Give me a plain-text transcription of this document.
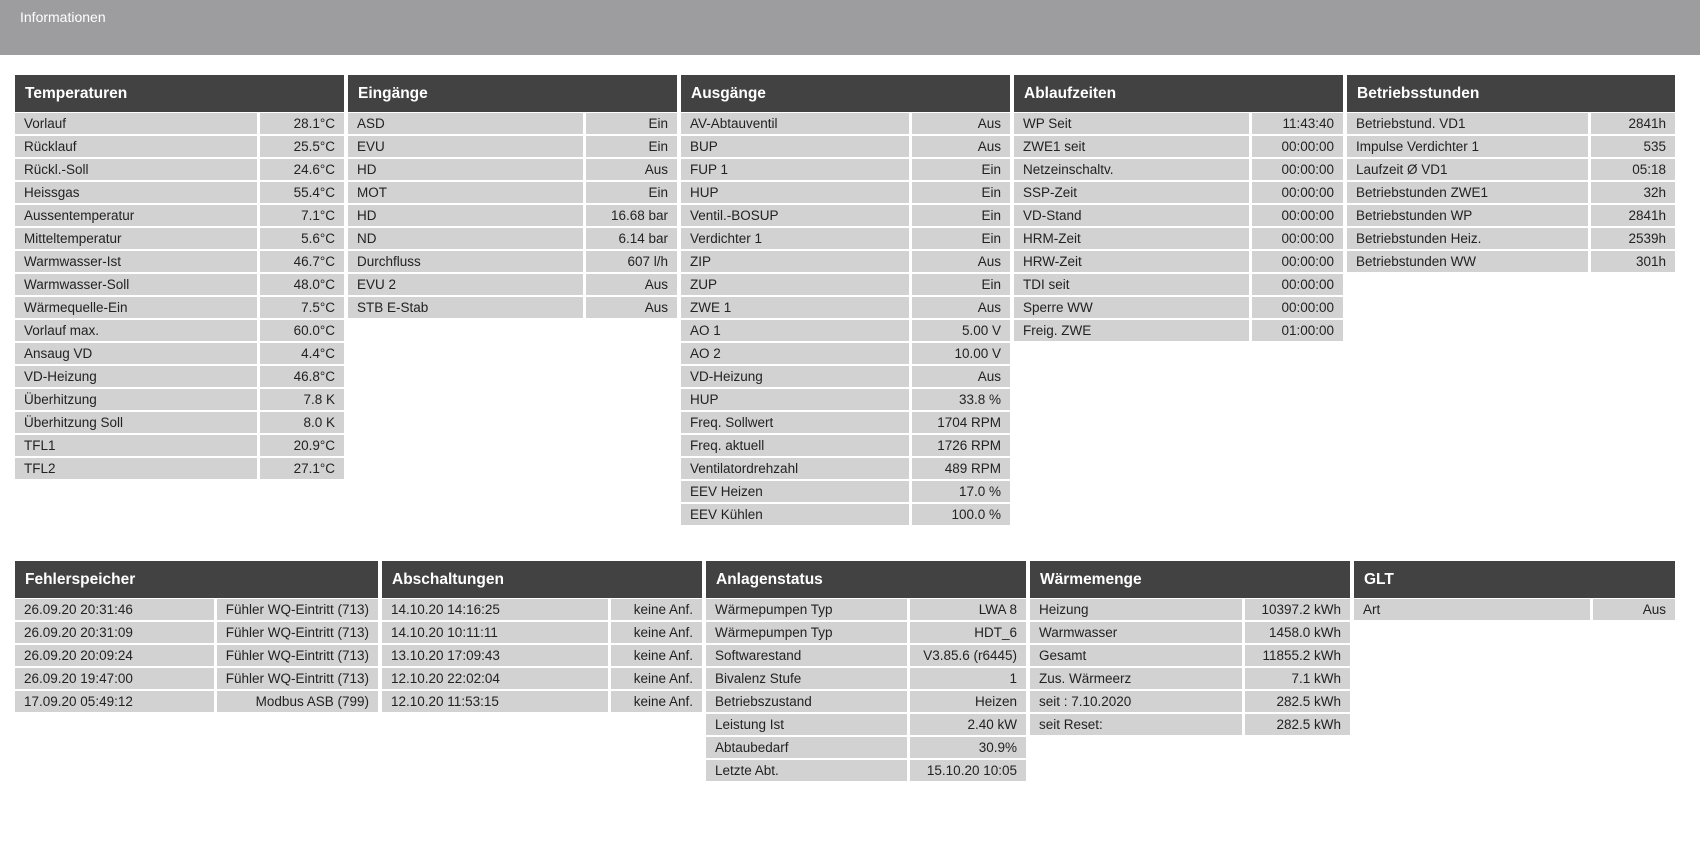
Informationen
Temperaturen
Vorlauf	28.1°C
Rücklauf	25.5°C
Rückl.-Soll	24.6°C
Heissgas	55.4°C
Aussentemperatur	7.1°C
Mitteltemperatur	5.6°C
Warmwasser-Ist	46.7°C
Warmwasser-Soll	48.0°C
Wärmequelle-Ein	7.5°C
Vorlauf max.	60.0°C
Ansaug VD	4.4°C
VD-Heizung	46.8°C
Überhitzung	7.8 K
Überhitzung Soll	8.0 K
TFL1	20.9°C
TFL2	27.1°C
Eingänge
ASD	Ein
EVU	Ein
HD	Aus
MOT	Ein
HD	16.68 bar
ND	6.14 bar
Durchfluss	607 l/h
EVU 2	Aus
STB E-Stab	Aus
Ausgänge
AV-Abtauventil	Aus
BUP	Aus
FUP 1	Ein
HUP	Ein
Ventil.-BOSUP	Ein
Verdichter 1	Ein
ZIP	Aus
ZUP	Ein
ZWE 1	Aus
AO 1	5.00 V
AO 2	10.00 V
VD-Heizung	Aus
HUP	33.8 %
Freq. Sollwert	1704 RPM
Freq. aktuell	1726 RPM
Ventilatordrehzahl	489 RPM
EEV Heizen	17.0 %
EEV Kühlen	100.0 %
Ablaufzeiten
WP Seit	11:43:40
ZWE1 seit	00:00:00
Netzeinschaltv.	00:00:00
SSP-Zeit	00:00:00
VD-Stand	00:00:00
HRM-Zeit	00:00:00
HRW-Zeit	00:00:00
TDI seit	00:00:00
Sperre WW	00:00:00
Freig. ZWE	01:00:00
Betriebsstunden
Betriebstund. VD1	2841h
Impulse Verdichter 1	535
Laufzeit Ø VD1	05:18
Betriebstunden ZWE1	32h
Betriebstunden WP	2841h
Betriebstunden Heiz.	2539h
Betriebstunden WW	301h
Fehlerspeicher
26.09.20 20:31:46	Fühler WQ-Eintritt (713)
26.09.20 20:31:09	Fühler WQ-Eintritt (713)
26.09.20 20:09:24	Fühler WQ-Eintritt (713)
26.09.20 19:47:00	Fühler WQ-Eintritt (713)
17.09.20 05:49:12	Modbus ASB (799)
Abschaltungen
14.10.20 14:16:25	keine Anf.
14.10.20 10:11:11	keine Anf.
13.10.20 17:09:43	keine Anf.
12.10.20 22:02:04	keine Anf.
12.10.20 11:53:15	keine Anf.
Anlagenstatus
Wärmepumpen Typ	LWA 8
Wärmepumpen Typ	HDT_6
Softwarestand	V3.85.6 (r6445)
Bivalenz Stufe	1
Betriebszustand	Heizen
Leistung Ist	2.40 kW
Abtaubedarf	30.9%
Letzte Abt.	15.10.20 10:05
Wärmemenge
Heizung	10397.2 kWh
Warmwasser	1458.0 kWh
Gesamt	11855.2 kWh
Zus. Wärmeerz	7.1 kWh
seit : 7.10.2020	282.5 kWh
seit Reset:	282.5 kWh
GLT
Art	Aus
